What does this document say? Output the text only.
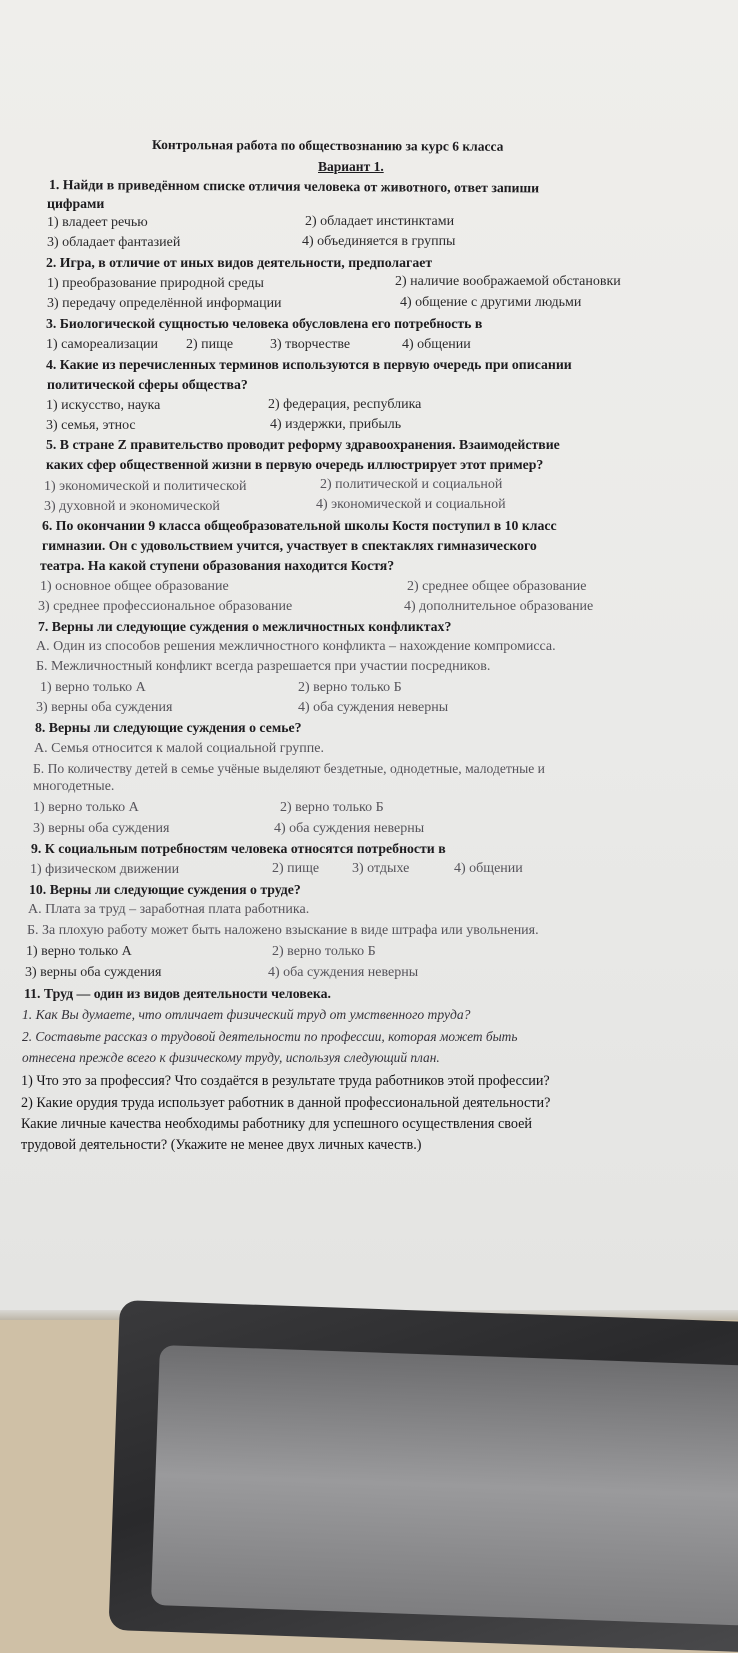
Контрольная работа по обществознанию за курс 6 класса
Вариант 1.
1. Найди в приведённом списке отличия человека от животного, ответ запиши
цифрами
1) владеет речью	2) обладает инстинктами
3) обладает фантазией	4) объединяется в группы
2. Игра, в отличие от иных видов деятельности, предполагает
1) преобразование природной среды	2) наличие воображаемой обстановки
3) передачу определённой информации	4) общение с другими людьми
3. Биологической сущностью человека обусловлена его потребность в
1) самореализации 2) пище	3) творчестве	4) общении
4. Какие из перечисленных терминов используются в первую очередь при описании
политической сферы общества?
1) искусство, наука	2) федерация, республика
3) семья, этнос	4) издержки, прибыль
5. В стране Z правительство проводит реформу здравоохранения. Взаимодействие
каких сфер общественной жизни в первую очередь иллюстрирует этот пример?
1) экономической и политической	2) политической и социальной
3) духовной и экономической	4) экономической и социальной
6. По окончании 9 класса общеобразовательной школы Костя поступил в 10 класс
гимназии. Он с удовольствием учится, участвует в спектаклях гимназического
театра. На какой ступени образования находится Костя?
1) основное общее образование	2) среднее общее образование
3) среднее профессиональное образование	4) дополнительное образование
7. Верны ли следующие суждения о межличностных конфликтах?
А. Один из способов решения межличностного конфликта – нахождение компромисса.
Б. Межличностный конфликт всегда разрешается при участии посредников.
1) верно только А	2) верно только Б
3) верны оба суждения	4) оба суждения неверны
8. Верны ли следующие суждения о семье?
А. Семья относится к малой социальной группе.
Б. По количеству детей в семье учёные выделяют бездетные, однодетные, малодетные и
многодетные.
1) верно только А	2) верно только Б
3) верны оба суждения	4) оба суждения неверны
9. К социальным потребностям человека относятся потребности в
1) физическом движении	2) пище 3) отдыхе	4) общении
10. Верны ли следующие суждения о труде?
А. Плата за труд – заработная плата работника.
Б. За плохую работу может быть наложено взыскание в виде штрафа или увольнения.
1) верно только А	2) верно только Б
3) верны оба суждения	4) оба суждения неверны
11. Труд — один из видов деятельности человека.
1. Как Вы думаете, что отличает физический труд от умственного труда?
2. Составьте рассказ о трудовой деятельности по профессии, которая может быть
отнесена прежде всего к физическому труду, используя следующий план.
1) Что это за профессия? Что создаётся в результате труда работников этой профессии?
2) Какие орудия труда использует работник в данной профессиональной деятельности?
Какие личные качества необходимы работнику для успешного осуществления своей
трудовой деятельности? (Укажите не менее двух личных качеств.)
